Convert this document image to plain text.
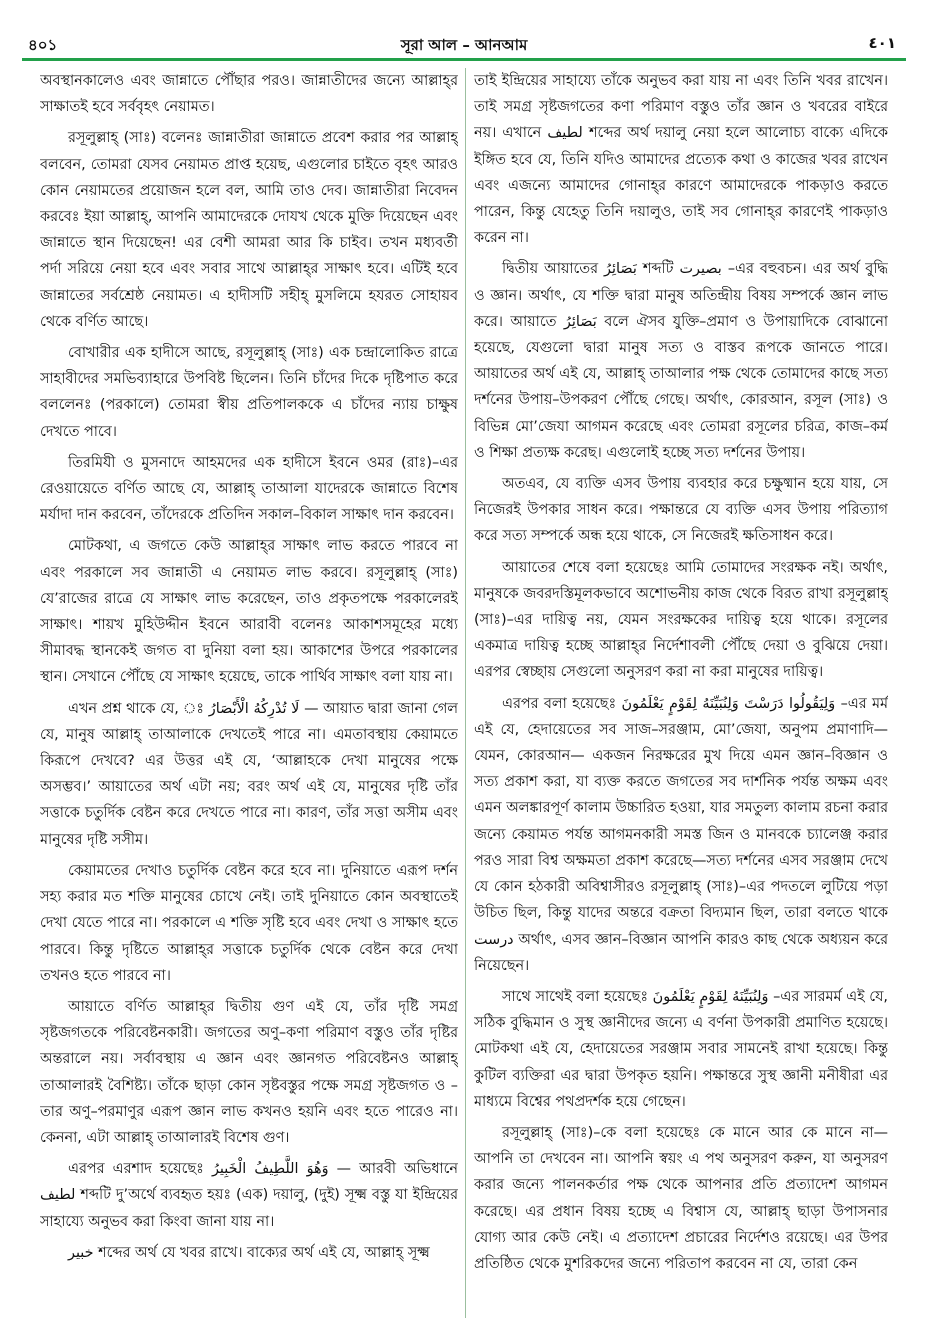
৪০১	সূরা আল – আনআম	٤٠١

অবস্থানকালেও এবং জান্নাতে পৌঁছার পরও। জান্নাতীদের জন্যে আল্লাহ্‌র সাক্ষাতই হবে সর্ববৃহৎ নেয়ামত।

রসূলুল্লাহ্ (সাঃ) বলেনঃ জান্নাতীরা জান্নাতে প্রবেশ করার পর আল্লাহ্ বলবেন, তোমরা যেসব নেয়ামত প্রাপ্ত হয়েছ, এগুলোর চাইতে বৃহৎ আরও কোন নেয়ামতের প্রয়োজন হলে বল, আমি তাও দেব। জান্নাতীরা নিবেদন করবেঃ ইয়া আল্লাহ্, আপনি আমাদেরকে দোযখ থেকে মুক্তি দিয়েছেন এবং জান্নাতে স্থান দিয়েছেন! এর বেশী আমরা আর কি চাইব। তখন মধ্যবর্তী পর্দা সরিয়ে নেয়া হবে এবং সবার সাথে আল্লাহ্‌র সাক্ষাৎ হবে। এটিই হবে জান্নাতের সর্বশ্রেষ্ঠ নেয়ামত। এ হাদীসটি সহীহ্ মুসলিমে হযরত সোহায়ব থেকে বর্ণিত আছে।

বোখারীর এক হাদীসে আছে, রসূলুল্লাহ্ (সাঃ) এক চন্দ্রালোকিত রাত্রে সাহাবীদের সমভিব্যাহারে উপবিষ্ট ছিলেন। তিনি চাঁদের দিকে দৃষ্টিপাত করে বললেনঃ (পরকালে) তোমরা স্বীয় প্রতিপালককে এ চাঁদের ন্যায় চাক্ষুষ দেখতে পাবে।

তিরমিযী ও মুসনাদে আহমদের এক হাদীসে ইবনে ওমর (রাঃ)–এর রেওয়ায়েতে বর্ণিত আছে যে, আল্লাহ্ তাআলা যাদেরকে জান্নাতে বিশেষ মর্যাদা দান করবেন, তাঁদেরকে প্রতিদিন সকাল–বিকাল সাক্ষাৎ দান করবেন।

মোটকথা, এ জগতে কেউ আল্লাহ্‌র সাক্ষাৎ লাভ করতে পারবে না এবং পরকালে সব জান্নাতী এ নেয়ামত লাভ করবে। রসূলুল্লাহ্ (সাঃ) যে’রাজের রাত্রে যে সাক্ষাৎ লাভ করেছেন, তাও প্রকৃতপক্ষে পরকালেরই সাক্ষাৎ। শায়খ মুহিউদ্দীন ইবনে আরাবী বলেনঃ আকাশসমূহের মধ্যে সীমাবদ্ধ স্থানকেই জগত বা দুনিয়া বলা হয়। আকাশের উপরে পরকালের স্থান। সেখানে পৌঁছে যে সাক্ষাৎ হয়েছে, তাকে পার্থিব সাক্ষাৎ বলা যায় না।

এখন প্রশ্ন থাকে যে, ঃ لَا تُدْرِكُهُ الْأَبْصَارُ — আয়াত দ্বারা জানা গেল যে, মানুষ আল্লাহ্ তাআলাকে দেখতেই পারে না। এমতাবস্থায় কেয়ামতে কিরূপে দেখবে? এর উত্তর এই যে, ‘আল্লাহকে দেখা মানুষের পক্ষে অসম্ভব।’ আয়াতের অর্থ এটা নয়; বরং অর্থ এই যে, মানুষের দৃষ্টি তাঁর সত্তাকে চতুর্দিক বেষ্টন করে দেখতে পারে না। কারণ, তাঁর সত্তা অসীম এবং মানুষের দৃষ্টি সসীম।

কেয়ামতের দেখাও চতুর্দিক বেষ্টন করে হবে না। দুনিয়াতে এরূপ দর্শন সহ্য করার মত শক্তি মানুষের চোখে নেই। তাই দুনিয়াতে কোন অবস্থাতেই দেখা যেতে পারে না। পরকালে এ শক্তি সৃষ্টি হবে এবং দেখা ও সাক্ষাৎ হতে পারবে। কিন্তু দৃষ্টিতে আল্লাহ্‌র সত্তাকে চতুর্দিক থেকে বেষ্টন করে দেখা তখনও হতে পারবে না।

আয়াতে বর্ণিত আল্লাহ্‌র দ্বিতীয় গুণ এই যে, তাঁর দৃষ্টি সমগ্র সৃষ্টজগতকে পরিবেষ্টনকারী। জগতের অণু–কণা পরিমাণ বস্তুও তাঁর দৃষ্টির অন্তরালে নয়। সর্বাবস্থায় এ জ্ঞান এবং জ্ঞানগত পরিবেষ্টনও আল্লাহ্ তাআলারই বৈশিষ্ট্য। তাঁকে ছাড়া কোন সৃষ্টবস্তুর পক্ষে সমগ্র সৃষ্টজগত ও –তার অণু–পরমাণুর এরূপ জ্ঞান লাভ কখনও হয়নি এবং হতে পারেও না। কেননা, এটা আল্লাহ্ তাআলারই বিশেষ গুণ।

এরপর এরশাদ হয়েছেঃ وَهُوَ اللَّطِيفُ الْخَبِيرُ — আরবী অভিধানে لطيف শব্দটি দু’অর্থে ব্যবহৃত হয়ঃ (এক) দয়ালু, (দুই) সূক্ষ্ম বস্তু যা ইন্দ্রিয়ের সাহায্যে অনুভব করা কিংবা জানা যায় না।

خبير শব্দের অর্থ যে খবর রাখে। বাক্যের অর্থ এই যে, আল্লাহ্ সূক্ষ্ম

তাই ইন্দ্রিয়ের সাহায্যে তাঁকে অনুভব করা যায় না এবং তিনি খবর রাখেন। তাই সমগ্র সৃষ্টজগতের কণা পরিমাণ বস্তুও তাঁর জ্ঞান ও খবরের বাইরে নয়। এখানে لطيف শব্দের অর্থ দয়ালু নেয়া হলে আলোচ্য বাক্যে এদিকে ইঙ্গিত হবে যে, তিনি যদিও আমাদের প্রত্যেক কথা ও কাজের খবর রাখেন এবং এজন্যে আমাদের গোনাহ্‌র কারণে আমাদেরকে পাকড়াও করতে পারেন, কিন্তু যেহেতু তিনি দয়ালুও, তাই সব গোনাহ্‌র কারণেই পাকড়াও করেন না।

দ্বিতীয় আয়াতের بَصَائِرُ শব্দটি بصيرت –এর বহুবচন। এর অর্থ বুদ্ধি ও জ্ঞান। অর্থাৎ, যে শক্তি দ্বারা মানুষ অতিন্দ্রীয় বিষয় সম্পর্কে জ্ঞান লাভ করে। আয়াতে بَصَائِرُ বলে ঐসব যুক্তি–প্রমাণ ও উপায়াদিকে বোঝানো হয়েছে, যেগুলো দ্বারা মানুষ সত্য ও বাস্তব রূপকে জানতে পারে। আয়াতের অর্থ এই যে, আল্লাহ্ তাআলার পক্ষ থেকে তোমাদের কাছে সত্য দর্শনের উপায়–উপকরণ পৌঁছে গেছে। অর্থাৎ, কোরআন, রসূল (সাঃ) ও বিভিন্ন মো’জেযা আগমন করেছে এবং তোমরা রসূলের চরিত্র, কাজ–কর্ম ও শিক্ষা প্রত্যক্ষ করেছ। এগুলোই হচ্ছে সত্য দর্শনের উপায়।

অতএব, যে ব্যক্তি এসব উপায় ব্যবহার করে চক্ষুষ্মান হয়ে যায়, সে নিজেরই উপকার সাধন করে। পক্ষান্তরে যে ব্যক্তি এসব উপায় পরিত্যাগ করে সত্য সম্পর্কে অন্ধ হয়ে থাকে, সে নিজেরই ক্ষতিসাধন করে।

আয়াতের শেষে বলা হয়েছেঃ আমি তোমাদের সংরক্ষক নই। অর্থাৎ, মানুষকে জবরদস্তিমূলকভাবে অশোভনীয় কাজ থেকে বিরত রাখা রসূলুল্লাহ্ (সাঃ)–এর দায়িত্ব নয়, যেমন সংরক্ষকের দায়িত্ব হয়ে থাকে। রসূলের একমাত্র দায়িত্ব হচ্ছে আল্লাহ্‌র নির্দেশাবলী পৌঁছে দেয়া ও বুঝিয়ে দেয়া। এরপর স্বেচ্ছায় সেগুলো অনুসরণ করা না করা মানুষের দায়িত্ব।

এরপর বলা হয়েছেঃ وَلِيَقُولُوا دَرَسْتَ وَلِنُبَيِّنَهُ لِقَوْمٍ يَعْلَمُونَ –এর মর্ম এই যে, হেদায়েতের সব সাজ–সরঞ্জাম, মো’জেযা, অনুপম প্রমাণাদি— যেমন, কোরআন— একজন নিরক্ষরের মুখ দিয়ে এমন জ্ঞান–বিজ্ঞান ও সত্য প্রকাশ করা, যা ব্যক্ত করতে জগতের সব দার্শনিক পর্যন্ত অক্ষম এবং এমন অলঙ্কারপূর্ণ কালাম উচ্চারিত হওয়া, যার সমতুল্য কালাম রচনা করার জন্যে কেয়ামত পর্যন্ত আগমনকারী সমস্ত জিন ও মানবকে চ্যালেঞ্জ করার পরও সারা বিশ্ব অক্ষমতা প্রকাশ করেছে—সত্য দর্শনের এসব সরঞ্জাম দেখে যে কোন হঠকারী অবিশ্বাসীরও রসূলুল্লাহ্ (সাঃ)–এর পদতলে লুটিয়ে পড়া উচিত ছিল, কিন্তু যাদের অন্তরে বক্রতা বিদ্যমান ছিল, তারা বলতে থাকে درست অর্থাৎ, এসব জ্ঞান–বিজ্ঞান আপনি কারও কাছ থেকে অধ্যয়ন করে নিয়েছেন।

সাথে সাথেই বলা হয়েছেঃ وَلِنُبَيِّنَهُ لِقَوْمٍ يَعْلَمُونَ –এর সারমর্ম এই যে, সঠিক বুদ্ধিমান ও সুস্থ জ্ঞানীদের জন্যে এ বর্ণনা উপকারী প্রমাণিত হয়েছে। মোটকথা এই যে, হেদায়েতের সরঞ্জাম সবার সামনেই রাখা হয়েছে। কিন্তু কুটিল ব্যক্তিরা এর দ্বারা উপকৃত হয়নি। পক্ষান্তরে সুস্থ জ্ঞানী মনীষীরা এর মাধ্যমে বিশ্বের পথপ্রদর্শক হয়ে গেছেন।

রসূলুল্লাহ্ (সাঃ)–কে বলা হয়েছেঃ কে মানে আর কে মানে না— আপনি তা দেখবেন না। আপনি স্বয়ং এ পথ অনুসরণ করুন, যা অনুসরণ করার জন্যে পালনকর্তার পক্ষ থেকে আপনার প্রতি প্রত্যাদেশ আগমন করেছে। এর প্রধান বিষয় হচ্ছে এ বিশ্বাস যে, আল্লাহ্ ছাড়া উপাসনার যোগ্য আর কেউ নেই। এ প্রত্যাদেশ প্রচারের নির্দেশও রয়েছে। এর উপর প্রতিষ্ঠিত থেকে মুশরিকদের জন্যে পরিতাপ করবেন না যে, তারা কেন
